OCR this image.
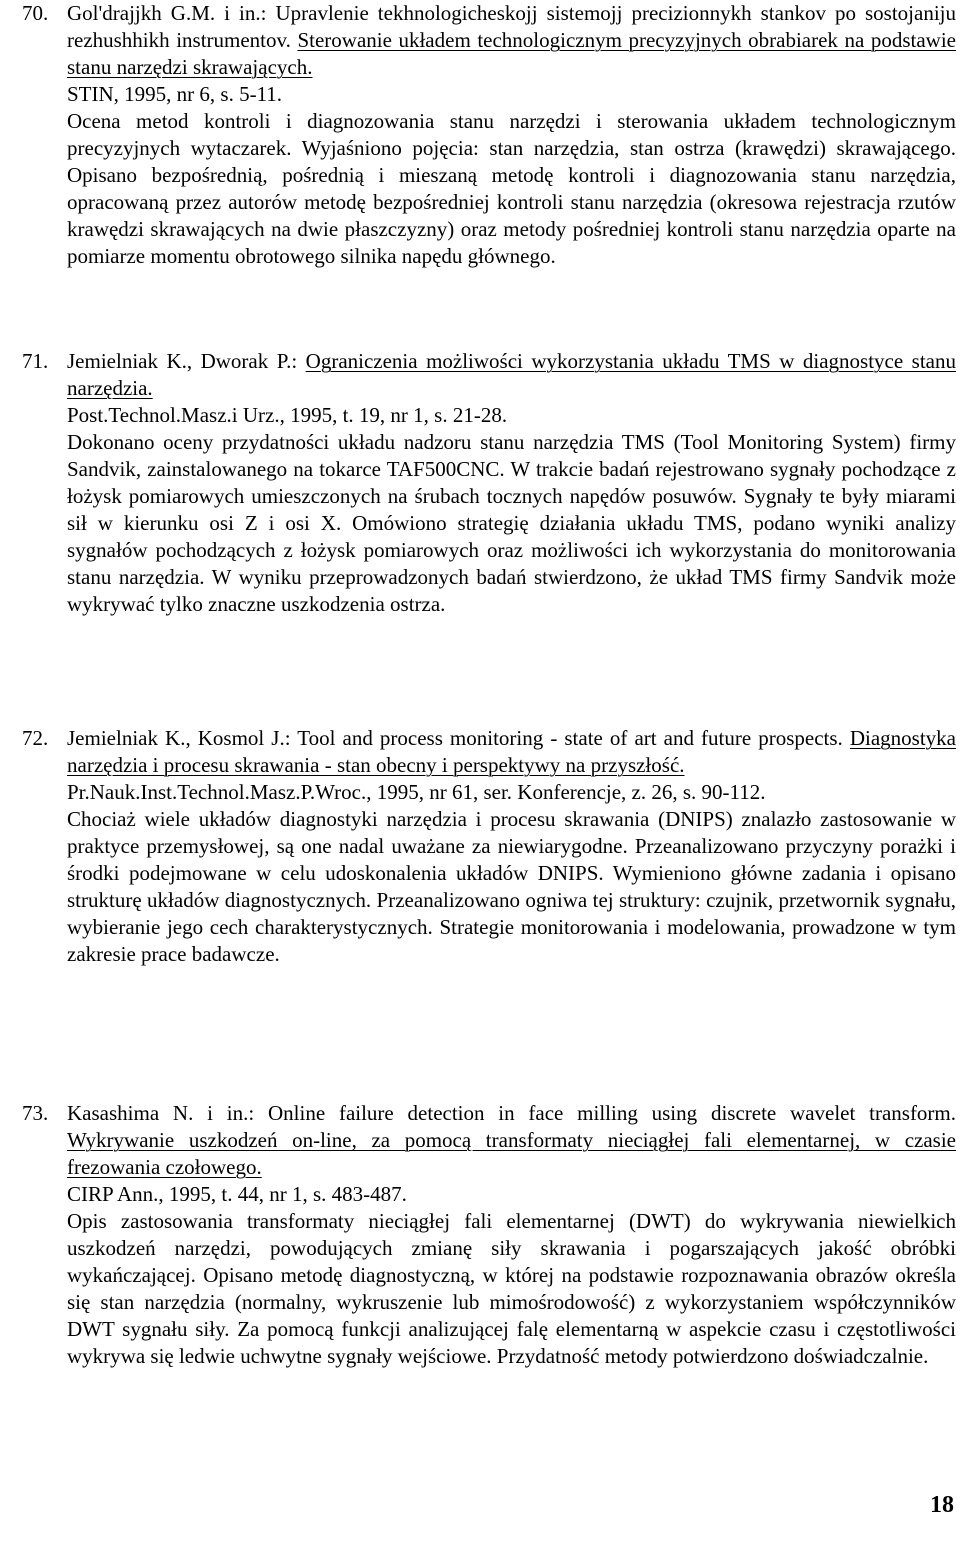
70. Gol'drajjkh G.M. i in.: Upravlenie tekhnologicheskojj sistemojj precizionnykh stankov po sostojaniju rezhushhikh instrumentov. Sterowanie układem technologicznym precyzyjnych obrabiarek na podstawie stanu narzędzi skrawających.
STIN, 1995, nr 6, s. 5-11.
Ocena metod kontroli i diagnozowania stanu narzędzi i sterowania układem technologicznym precyzyjnych wytaczarek. Wyjaśniono pojęcia: stan narzędzia, stan ostrza (krawędzi) skrawającego. Opisano bezpośrednią, pośrednią i mieszaną metodę kontroli i diagnozowania stanu narzędzia, opracowaną przez autorów metodę bezpośredniej kontroli stanu narzędzia (okresowa rejestracja rzutów krawędzi skrawających na dwie płaszczyzny) oraz metody pośredniej kontroli stanu narzędzia oparte na pomiarze momentu obrotowego silnika napędu głównego.
71. Jemielniak K., Dworak P.: Ograniczenia możliwości wykorzystania układu TMS w diagnostyce stanu narzędzia.
Post.Technol.Masz.i Urz., 1995, t. 19, nr 1, s. 21-28.
Dokonano oceny przydatności układu nadzoru stanu narzędzia TMS (Tool Monitoring System) firmy Sandvik, zainstalowanego na tokarce TAF500CNC. W trakcie badań rejestrowano sygnały pochodzące z łożysk pomiarowych umieszczonych na śrubach tocznych napędów posuwów. Sygnały te były miarami sił w kierunku osi Z i osi X. Omówiono strategię działania układu TMS, podano wyniki analizy sygnałów pochodzących z łożysk pomiarowych oraz możliwości ich wykorzystania do monitorowania stanu narzędzia. W wyniku przeprowadzonych badań stwierdzono, że układ TMS firmy Sandvik może wykrywać tylko znaczne uszkodzenia ostrza.
72. Jemielniak K., Kosmol J.: Tool and process monitoring - state of art and future prospects. Diagnostyka narzędzia i procesu skrawania - stan obecny i perspektywy na przyszłość.
Pr.Nauk.Inst.Technol.Masz.P.Wroc., 1995, nr 61, ser. Konferencje, z. 26, s. 90-112.
Chociaż wiele układów diagnostyki narzędzia i procesu skrawania (DNIPS) znalazło zastosowanie w praktyce przemysłowej, są one nadal uważane za niewiarygodne. Przeanalizowano przyczyny porażki i środki podejmowane w celu udoskonalenia układów DNIPS. Wymieniono główne zadania i opisano strukturę układów diagnostycznych. Przeanalizowano ogniwa tej struktury: czujnik, przetwornik sygnału, wybieranie jego cech charakterystycznych. Strategie monitorowania i modelowania, prowadzone w tym zakresie prace badawcze.
73. Kasashima N. i in.: Online failure detection in face milling using discrete wavelet transform. Wykrywanie uszkodzeń on-line, za pomocą transformaty nieciągłej fali elementarnej, w czasie frezowania czołowego.
CIRP Ann., 1995, t. 44, nr 1, s. 483-487.
Opis zastosowania transformaty nieciągłej fali elementarnej (DWT) do wykrywania niewielkich uszkodzeń narzędzi, powodujących zmianę siły skrawania i pogarszających jakość obróbki wykańczającej. Opisano metodę diagnostyczną, w której na podstawie rozpoznawania obrazów określa się stan narzędzia (normalny, wykruszenie lub mimośrodowość) z wykorzystaniem współczynników DWT sygnału siły. Za pomocą funkcji analizującej falę elementarną w aspekcie czasu i częstotliwości wykrywa się ledwie uchwytne sygnały wejściowe. Przydatność metody potwierdzono doświadczalnie.
18
